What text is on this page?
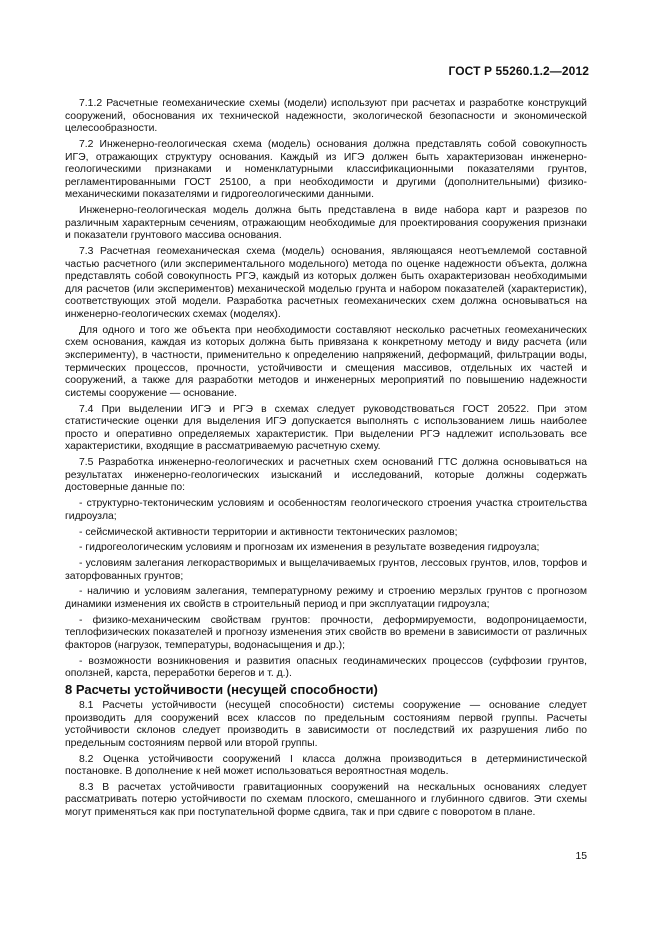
ГОСТ Р 55260.1.2—2012

7.1.2 Расчетные геомеханические схемы (модели) используют при расчетах и разработке конструкций сооружений, обоснования их технической надежности, экологической безопасности и экономической целесообразности.

7.2 Инженерно-геологическая схема (модель) основания должна представлять собой совокупность ИГЭ, отражающих структуру основания. Каждый из ИГЭ должен быть характеризован инженерно-геологическими признаками и номенклатурными классификационными показателями грунтов, регламентированными ГОСТ 25100, а при необходимости и другими (дополнительными) физико-механическими показателями и гидрогеологическими данными.

Инженерно-геологическая модель должна быть представлена в виде набора карт и разрезов по различным характерным сечениям, отражающим необходимые для проектирования сооружения признаки и показатели грунтового массива основания.

7.3 Расчетная геомеханическая схема (модель) основания, являющаяся неотъемлемой составной частью расчетного (или экспериментального модельного) метода по оценке надежности объекта, должна представлять собой совокупность РГЭ, каждый из которых должен быть охарактеризован необходимыми для расчетов (или экспериментов) механической моделью грунта и набором показателей (характеристик), соответствующих этой модели. Разработка расчетных геомеханических схем должна основываться на инженерно-геологических схемах (моделях).

Для одного и того же объекта при необходимости составляют несколько расчетных геомеханических схем основания, каждая из которых должна быть привязана к конкретному методу и виду расчета (или эксперименту), в частности, применительно к определению напряжений, деформаций, фильтрации воды, термических процессов, прочности, устойчивости и смещения массивов, отдельных их частей и сооружений, а также для разработки методов и инженерных мероприятий по повышению надежности системы сооружение — основание.

7.4 При выделении ИГЭ и РГЭ в схемах следует руководствоваться ГОСТ 20522. При этом статистические оценки для выделения ИГЭ допускается выполнять с использованием лишь наиболее просто и оперативно определяемых характеристик. При выделении РГЭ надлежит использовать все характеристики, входящие в рассматриваемую расчетную схему.

7.5 Разработка инженерно-геологических и расчетных схем оснований ГТС должна основываться на результатах инженерно-геологических изысканий и исследований, которые должны содержать достоверные данные по:

- структурно-тектоническим условиям и особенностям геологического строения участка строительства гидроузла;

- сейсмической активности территории и активности тектонических разломов;

- гидрогеологическим условиям и прогнозам их изменения в результате возведения гидроузла;

- условиям залегания легкорастворимых и выщелачиваемых грунтов, лессовых грунтов, илов, торфов и заторфованных грунтов;

- наличию и условиям залегания, температурному режиму и строению мерзлых грунтов с прогнозом динамики изменения их свойств в строительный период и при эксплуатации гидроузла;

- физико-механическим свойствам грунтов: прочности, деформируемости, водопроницаемости, теплофизических показателей и прогнозу изменения этих свойств во времени в зависимости от различных факторов (нагрузок, температуры, водонасыщения и др.);

- возможности возникновения и развития опасных геодинамических процессов (суффозии грунтов, оползней, карста, переработки берегов и т. д.).

8 Расчеты устойчивости (несущей способности)

8.1 Расчеты устойчивости (несущей способности) системы сооружение — основание следует производить для сооружений всех классов по предельным состояниям первой группы. Расчеты устойчивости склонов следует производить в зависимости от последствий их разрушения либо по предельным состояниям первой или второй группы.

8.2 Оценка устойчивости сооружений I класса должна производиться в детерминистической постановке. В дополнение к ней может использоваться вероятностная модель.

8.3 В расчетах устойчивости гравитационных сооружений на нескальных основаниях следует рассматривать потерю устойчивости по схемам плоского, смешанного и глубинного сдвигов. Эти схемы могут применяться как при поступательной форме сдвига, так и при сдвиге с поворотом в плане.

15
